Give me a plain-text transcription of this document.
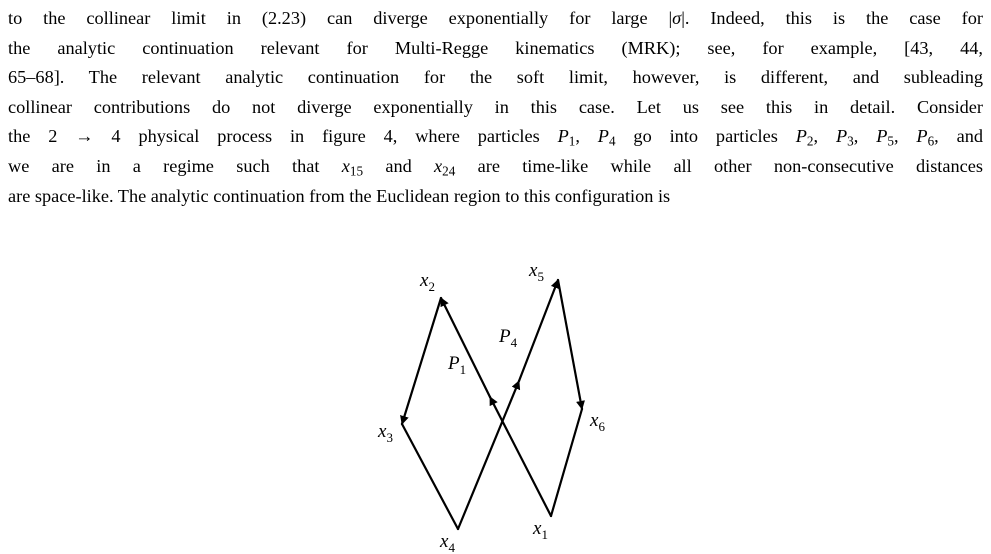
to the collinear limit in (2.23) can diverge exponentially for large |σ|. Indeed, this is the case for
the analytic continuation relevant for Multi-Regge kinematics (MRK); see, for example, [43, 44,
65–68]. The relevant analytic continuation for the soft limit, however, is different, and subleading
collinear contributions do not diverge exponentially in this case. Let us see this in detail. Consider
the 2 → 4 physical process in figure 4, where particles $P_1$, $P_4$ go into particles $P_2$, $P_3$, $P_5$, $P_6$, and
we are in a regime such that $x_{15}$ and $x_{24}$ are time-like while all other non-consecutive distances
are space-like. The analytic continuation from the Euclidean region to this configuration is
$x_2$
$x_5$
$x_3$
$x_6$
$x_4$
$x_1$
$P_4$
$P_1$
